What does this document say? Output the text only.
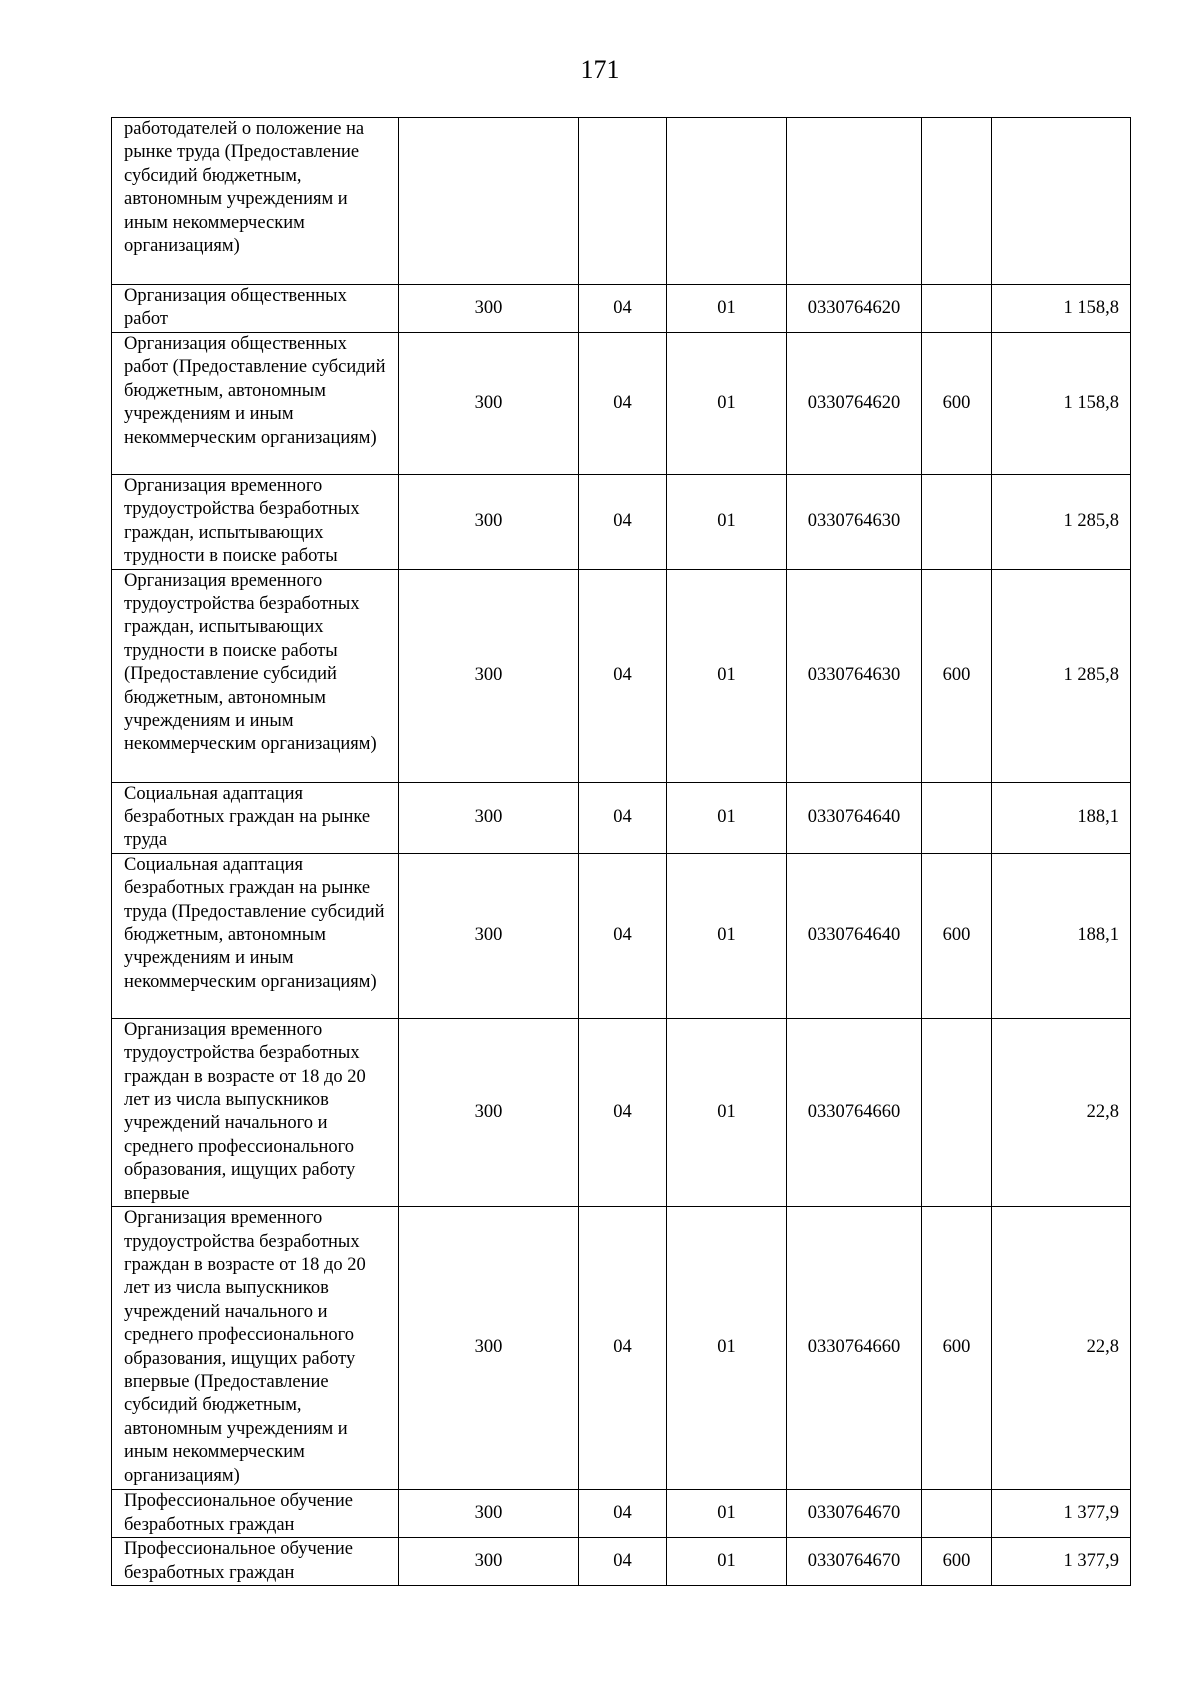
171
работодателей о положение на рынке труда (Предоставление субсидий бюджетным, автономным учреждениям и иным некоммерческим организациям)						
Организация общественных работ	300	04	01	0330764620		1 158,8
Организация общественных работ (Предоставление субсидий бюджетным, автономным учреждениям и иным некоммерческим организациям)	300	04	01	0330764620	600	1 158,8
Организация временного трудоустройства безработных граждан, испытывающих трудности в поиске работы	300	04	01	0330764630		1 285,8
Организация временного трудоустройства безработных граждан, испытывающих трудности в поиске работы (Предоставление субсидий бюджетным, автономным учреждениям и иным некоммерческим организациям)	300	04	01	0330764630	600	1 285,8
Социальная адаптация безработных граждан на рынке труда	300	04	01	0330764640		188,1
Социальная адаптация безработных граждан на рынке труда (Предоставление субсидий бюджетным, автономным учреждениям и иным некоммерческим организациям)	300	04	01	0330764640	600	188,1
Организация временного трудоустройства безработных граждан в возрасте от 18 до 20 лет из числа выпускников учреждений начального и среднего профессионального образования, ищущих работу впервые	300	04	01	0330764660		22,8
Организация временного трудоустройства безработных граждан в возрасте от 18 до 20 лет из числа выпускников учреждений начального и среднего профессионального образования, ищущих работу впервые (Предоставление субсидий бюджетным, автономным учреждениям и иным некоммерческим организациям)	300	04	01	0330764660	600	22,8
Профессиональное обучение безработных граждан	300	04	01	0330764670		1 377,9
Профессиональное обучение безработных граждан	300	04	01	0330764670	600	1 377,9
